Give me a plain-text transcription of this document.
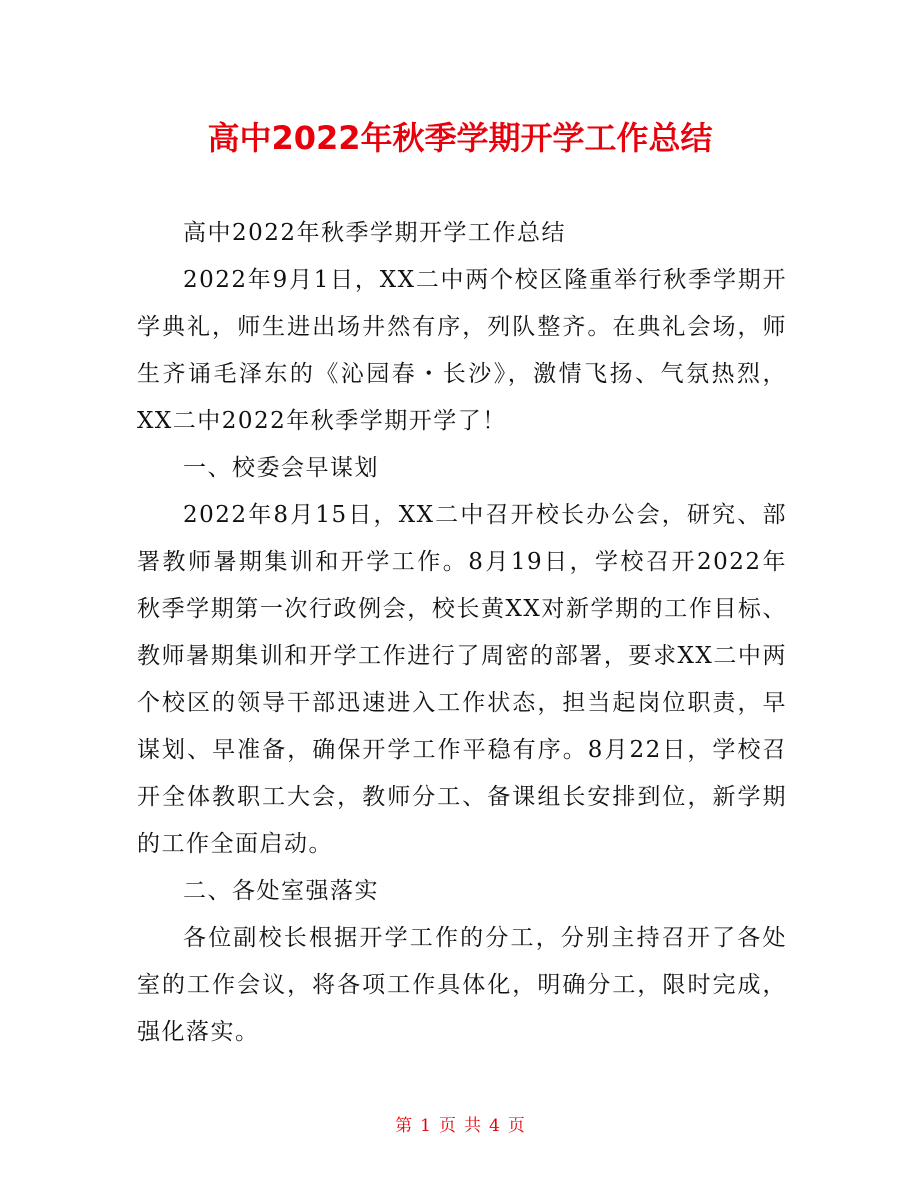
高中2022年秋季学期开学工作总结

高中2022年秋季学期开学工作总结

2022年9月1日，XX二中两个校区隆重举行秋季学期开学典礼，师生进出场井然有序，列队整齐。在典礼会场，师生齐诵毛泽东的《沁园春・长沙》，激情飞扬、气氛热烈，XX二中2022年秋季学期开学了！

一、校委会早谋划

2022年8月15日，XX二中召开校长办公会，研究、部署教师暑期集训和开学工作。8月19日，学校召开2022年秋季学期第一次行政例会，校长黄XX对新学期的工作目标、教师暑期集训和开学工作进行了周密的部署，要求XX二中两个校区的领导干部迅速进入工作状态，担当起岗位职责，早谋划、早准备，确保开学工作平稳有序。8月22日，学校召开全体教职工大会，教师分工、备课组长安排到位，新学期的工作全面启动。

二、各处室强落实

各位副校长根据开学工作的分工，分别主持召开了各处室的工作会议，将各项工作具体化，明确分工，限时完成，强化落实。

第 1 页 共 4 页
